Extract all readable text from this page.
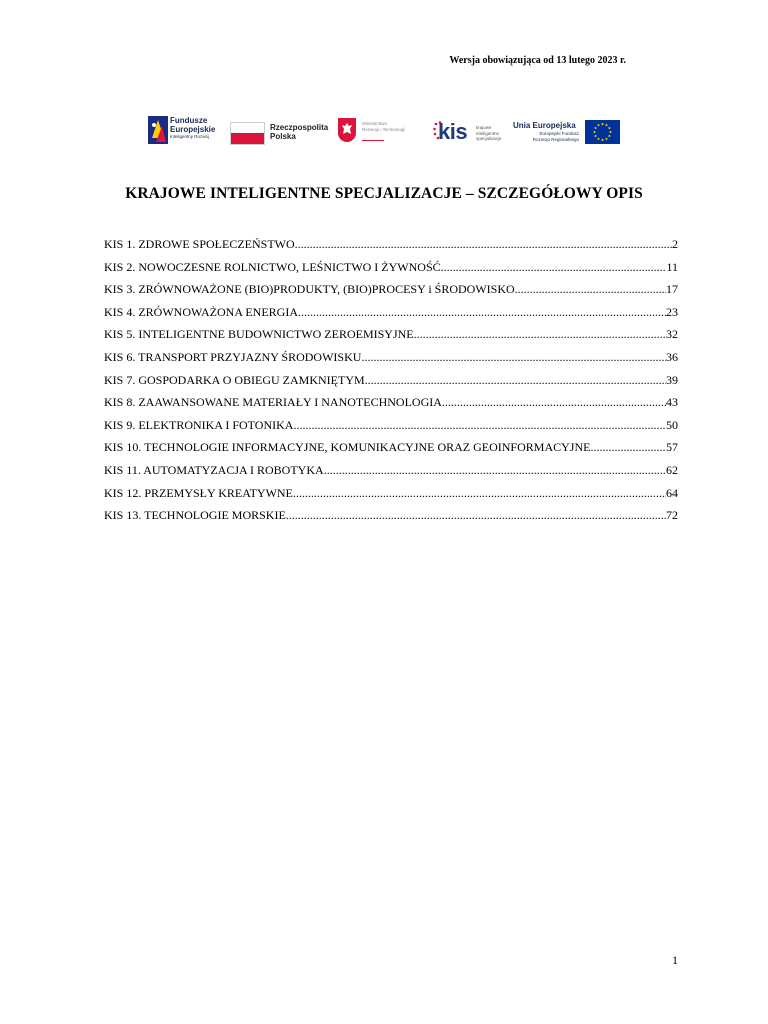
Wersja obowiązująca od 13 lutego 2023 r.
Fundusze
Europejskie
Inteligentny Rozwój
Rzeczpospolita
Polska
Ministerstwo
Rozwoju i Technologii kis krajowe
inteligentne
specjalizacje
Unia Europejska
Europejski Fundusz
Rozwoju Regionalnego
KRAJOWE INTELIGENTNE SPECJALIZACJE – SZCZEGÓŁOWY OPIS
KIS 1. ZDROWE SPOŁECZEŃSTWO .....	2
KIS 2. NOWOCZESNE ROLNICTWO, LEŚNICTWO I ŻYWNOŚĆ .....	11
KIS 3. ZRÓWNOWAŻONE (BIO)PRODUKTY, (BIO)PROCESY i ŚRODOWISKO .....	17
KIS 4. ZRÓWNOWAŻONA ENERGIA .....	23
KIS 5. INTELIGENTNE BUDOWNICTWO ZEROEMISYJNE .....	32
KIS 6. TRANSPORT PRZYJAZNY ŚRODOWISKU .....	36
KIS 7. GOSPODARKA O OBIEGU ZAMKNIĘTYM .....	39
KIS 8. ZAAWANSOWANE MATERIAŁY I NANOTECHNOLOGIA .....	43
KIS 9. ELEKTRONIKA I FOTONIKA .....	50
KIS 10. TECHNOLOGIE INFORMACYJNE, KOMUNIKACYJNE ORAZ GEOINFORMACYJNE .....	57
KIS 11. AUTOMATYZACJA I ROBOTYKA .....	62
KIS 12. PRZEMYSŁY KREATYWNE .....	64
KIS 13. TECHNOLOGIE MORSKIE .....	72
1
